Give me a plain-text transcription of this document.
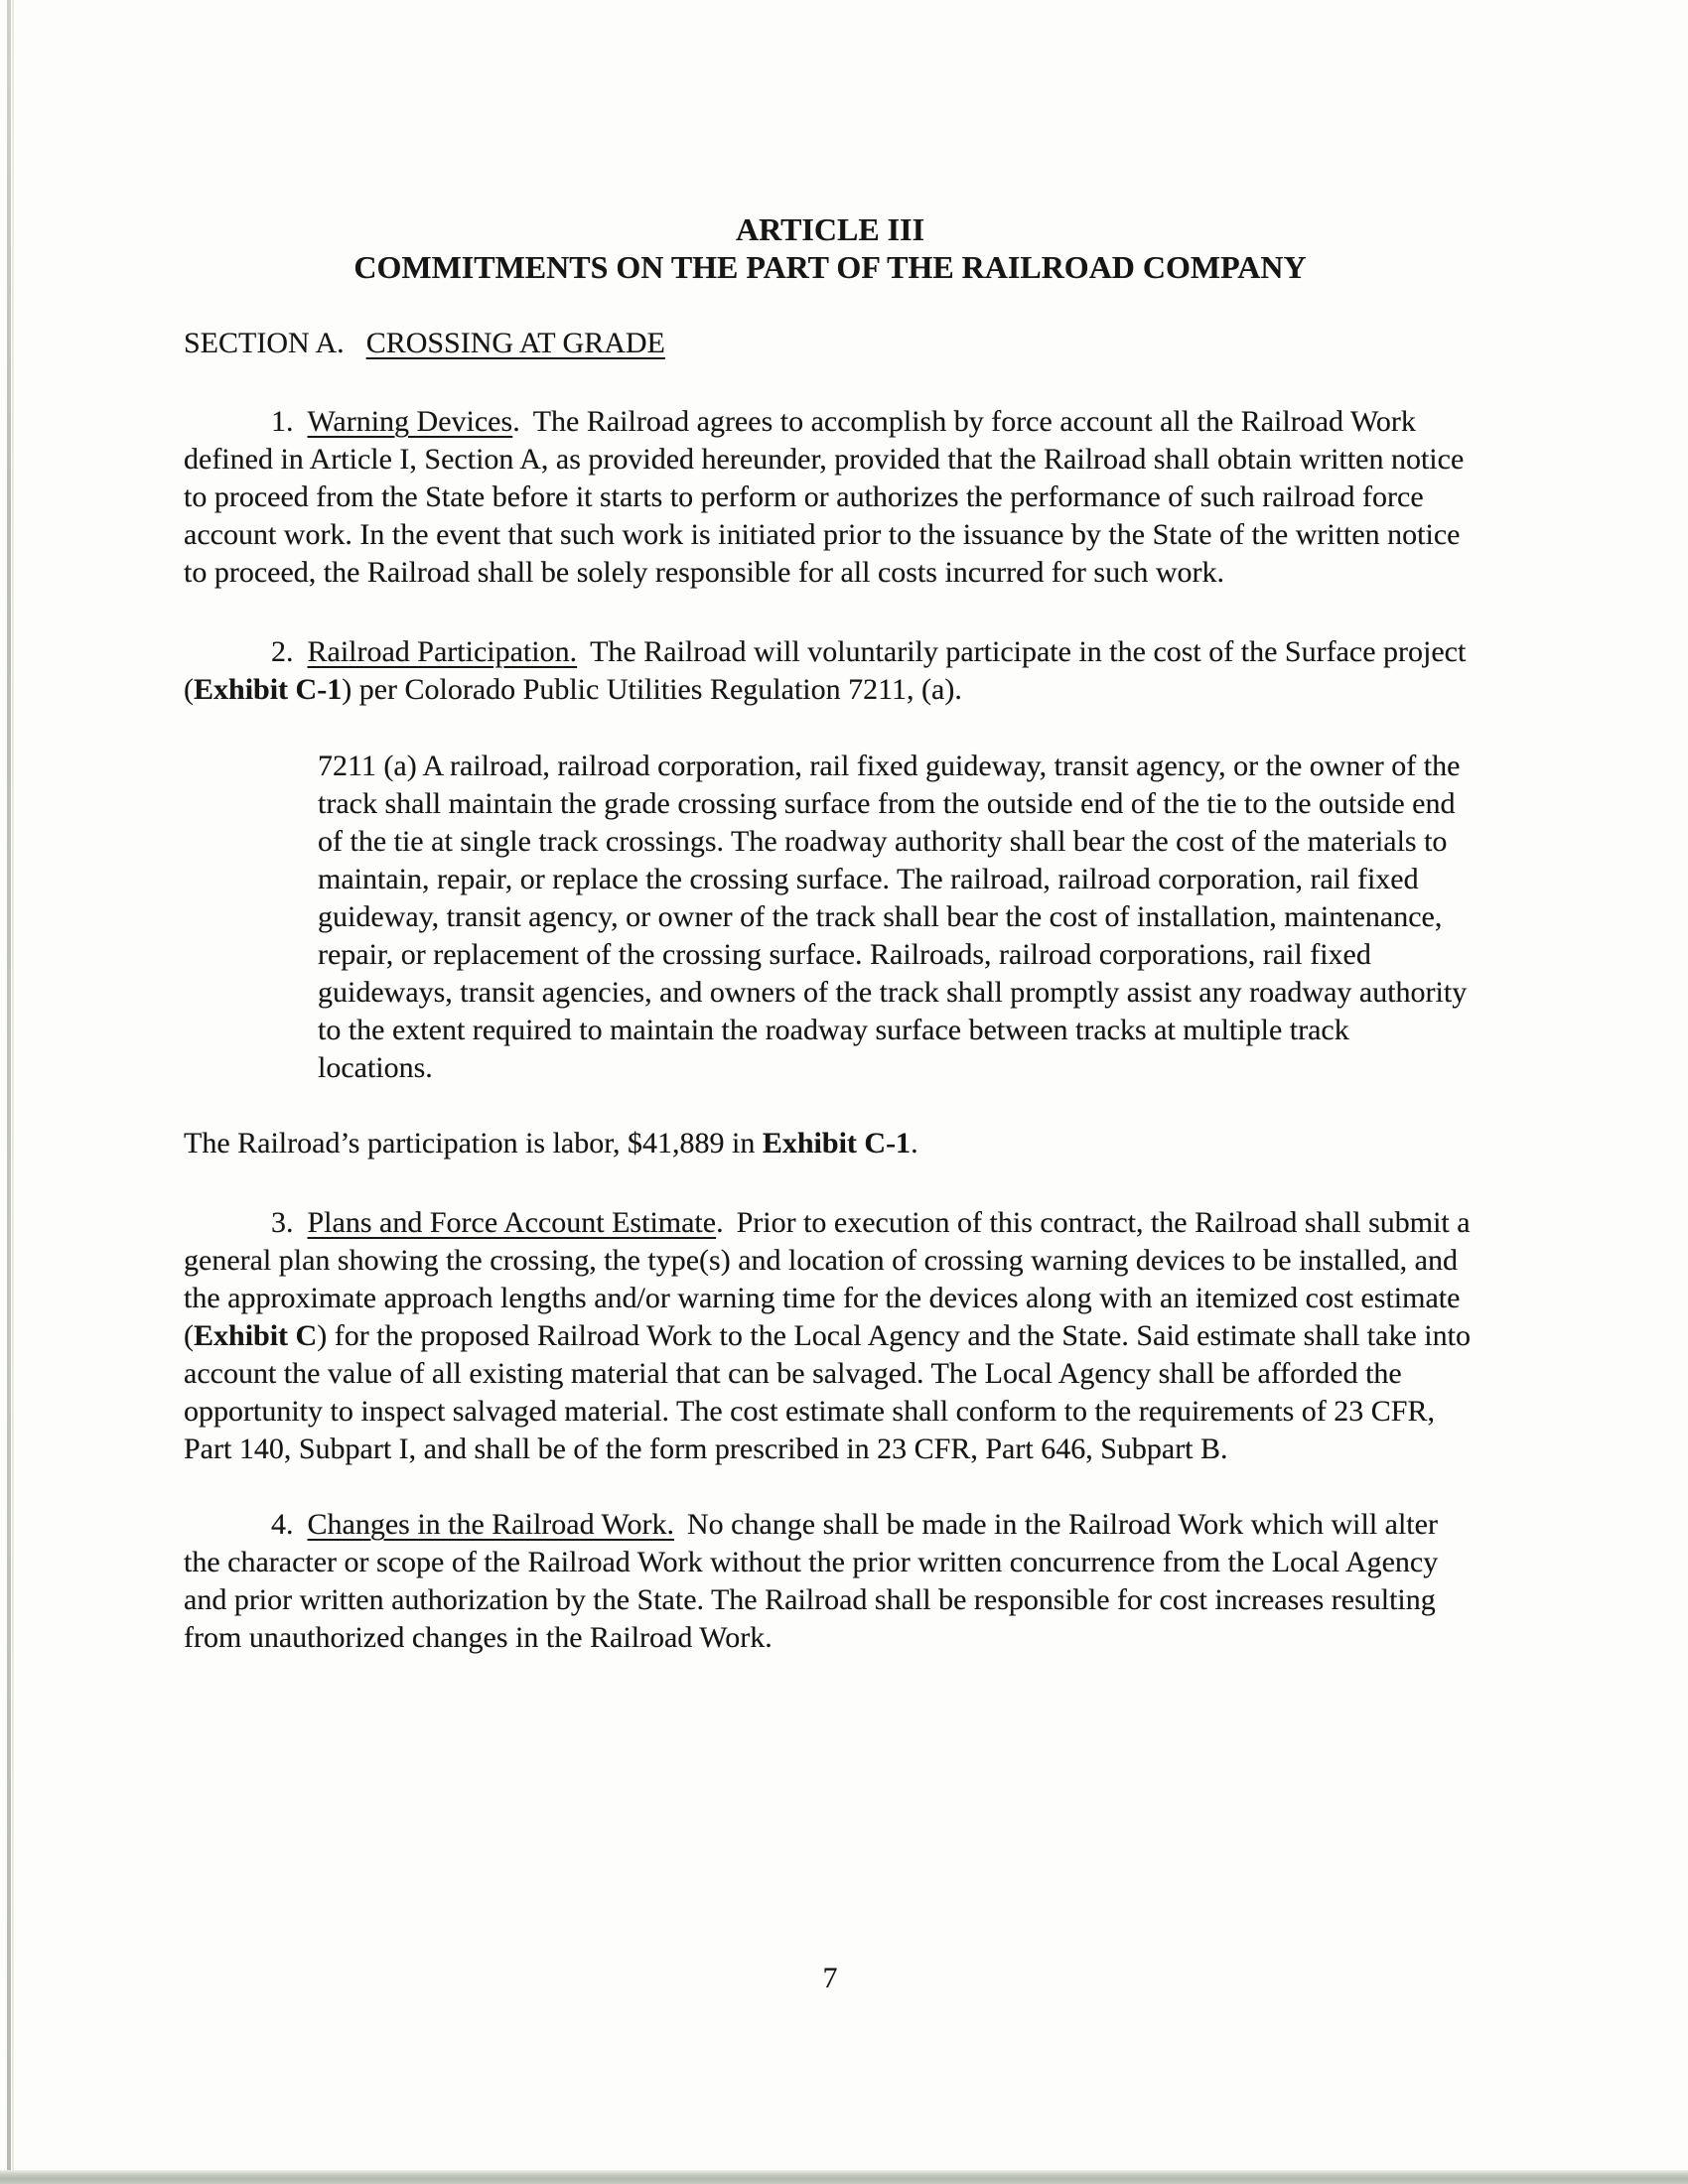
ARTICLE III
COMMITMENTS ON THE PART OF THE RAILROAD COMPANY
SECTION A. CROSSING AT GRADE

1. Warning Devices. The Railroad agrees to accomplish by force account all the Railroad Work defined in Article I, Section A, as provided hereunder, provided that the Railroad shall obtain written notice to proceed from the State before it starts to perform or authorizes the performance of such railroad force account work. In the event that such work is initiated prior to the issuance by the State of the written notice to proceed, the Railroad shall be solely responsible for all costs incurred for such work.

2. Railroad Participation. The Railroad will voluntarily participate in the cost of the Surface project (Exhibit C-1) per Colorado Public Utilities Regulation 7211, (a).

7211 (a) A railroad, railroad corporation, rail fixed guideway, transit agency, or the owner of the track shall maintain the grade crossing surface from the outside end of the tie to the outside end of the tie at single track crossings. The roadway authority shall bear the cost of the materials to maintain, repair, or replace the crossing surface. The railroad, railroad corporation, rail fixed guideway, transit agency, or owner of the track shall bear the cost of installation, maintenance, repair, or replacement of the crossing surface. Railroads, railroad corporations, rail fixed guideways, transit agencies, and owners of the track shall promptly assist any roadway authority to the extent required to maintain the roadway surface between tracks at multiple track locations.

The Railroad’s participation is labor, $41,889 in Exhibit C-1.

3. Plans and Force Account Estimate. Prior to execution of this contract, the Railroad shall submit a general plan showing the crossing, the type(s) and location of crossing warning devices to be installed, and the approximate approach lengths and/or warning time for the devices along with an itemized cost estimate (Exhibit C) for the proposed Railroad Work to the Local Agency and the State. Said estimate shall take into account the value of all existing material that can be salvaged. The Local Agency shall be afforded the opportunity to inspect salvaged material. The cost estimate shall conform to the requirements of 23 CFR, Part 140, Subpart I, and shall be of the form prescribed in 23 CFR, Part 646, Subpart B.

4. Changes in the Railroad Work. No change shall be made in the Railroad Work which will alter the character or scope of the Railroad Work without the prior written concurrence from the Local Agency and prior written authorization by the State. The Railroad shall be responsible for cost increases resulting from unauthorized changes in the Railroad Work.

7
